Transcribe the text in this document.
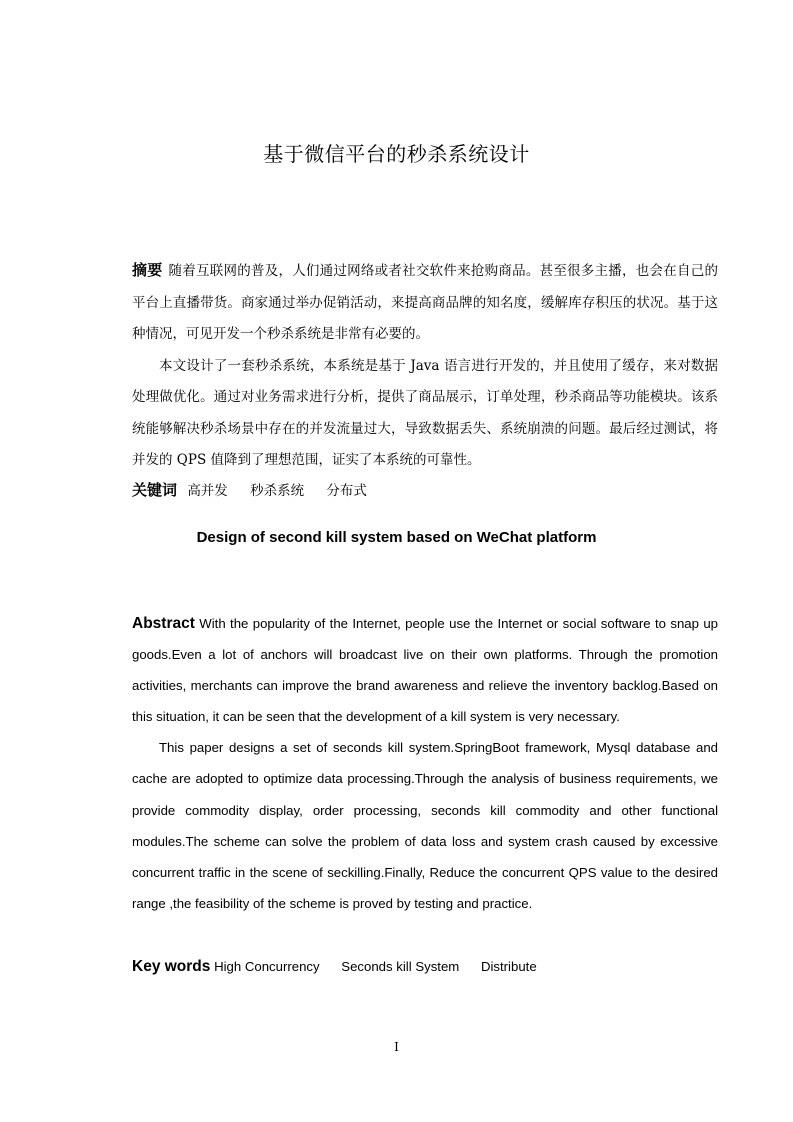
基于微信平台的秒杀系统设计

摘要 随着互联网的普及，人们通过网络或者社交软件来抢购商品。甚至很多主播，也会在自己的平台上直播带货。商家通过举办促销活动，来提高商品牌的知名度，缓解库存积压的状况。基于这种情况，可见开发一个秒杀系统是非常有必要的。

本文设计了一套秒杀系统，本系统是基于 Java 语言进行开发的，并且使用了缓存，来对数据处理做优化。通过对业务需求进行分析，提供了商品展示，订单处理，秒杀商品等功能模块。该系统能够解决秒杀场景中存在的并发流量过大，导致数据丢失、系统崩溃的问题。最后经过测试，将并发的 QPS 值降到了理想范围，证实了本系统的可靠性。

关键词 高并发 秒杀系统 分布式
Design of second kill system based on WeChat platform

Abstract With the popularity of the Internet, people use the Internet or social software to snap up goods.Even a lot of anchors will broadcast live on their own platforms. Through the promotion activities, merchants can improve the brand awareness and relieve the inventory backlog.Based on this situation, it can be seen that the development of a kill system is very necessary.

This paper designs a set of seconds kill system.SpringBoot framework, Mysql database and cache are adopted to optimize data processing.Through the analysis of business requirements, we provide commodity display, order processing, seconds kill commodity and other functional modules.The scheme can solve the problem of data loss and system crash caused by excessive concurrent traffic in the scene of seckilling.Finally, Reduce the concurrent QPS value to the desired range ,the feasibility of the scheme is proved by testing and practice.

Key words High Concurrency Seconds kill System Distribute
I
